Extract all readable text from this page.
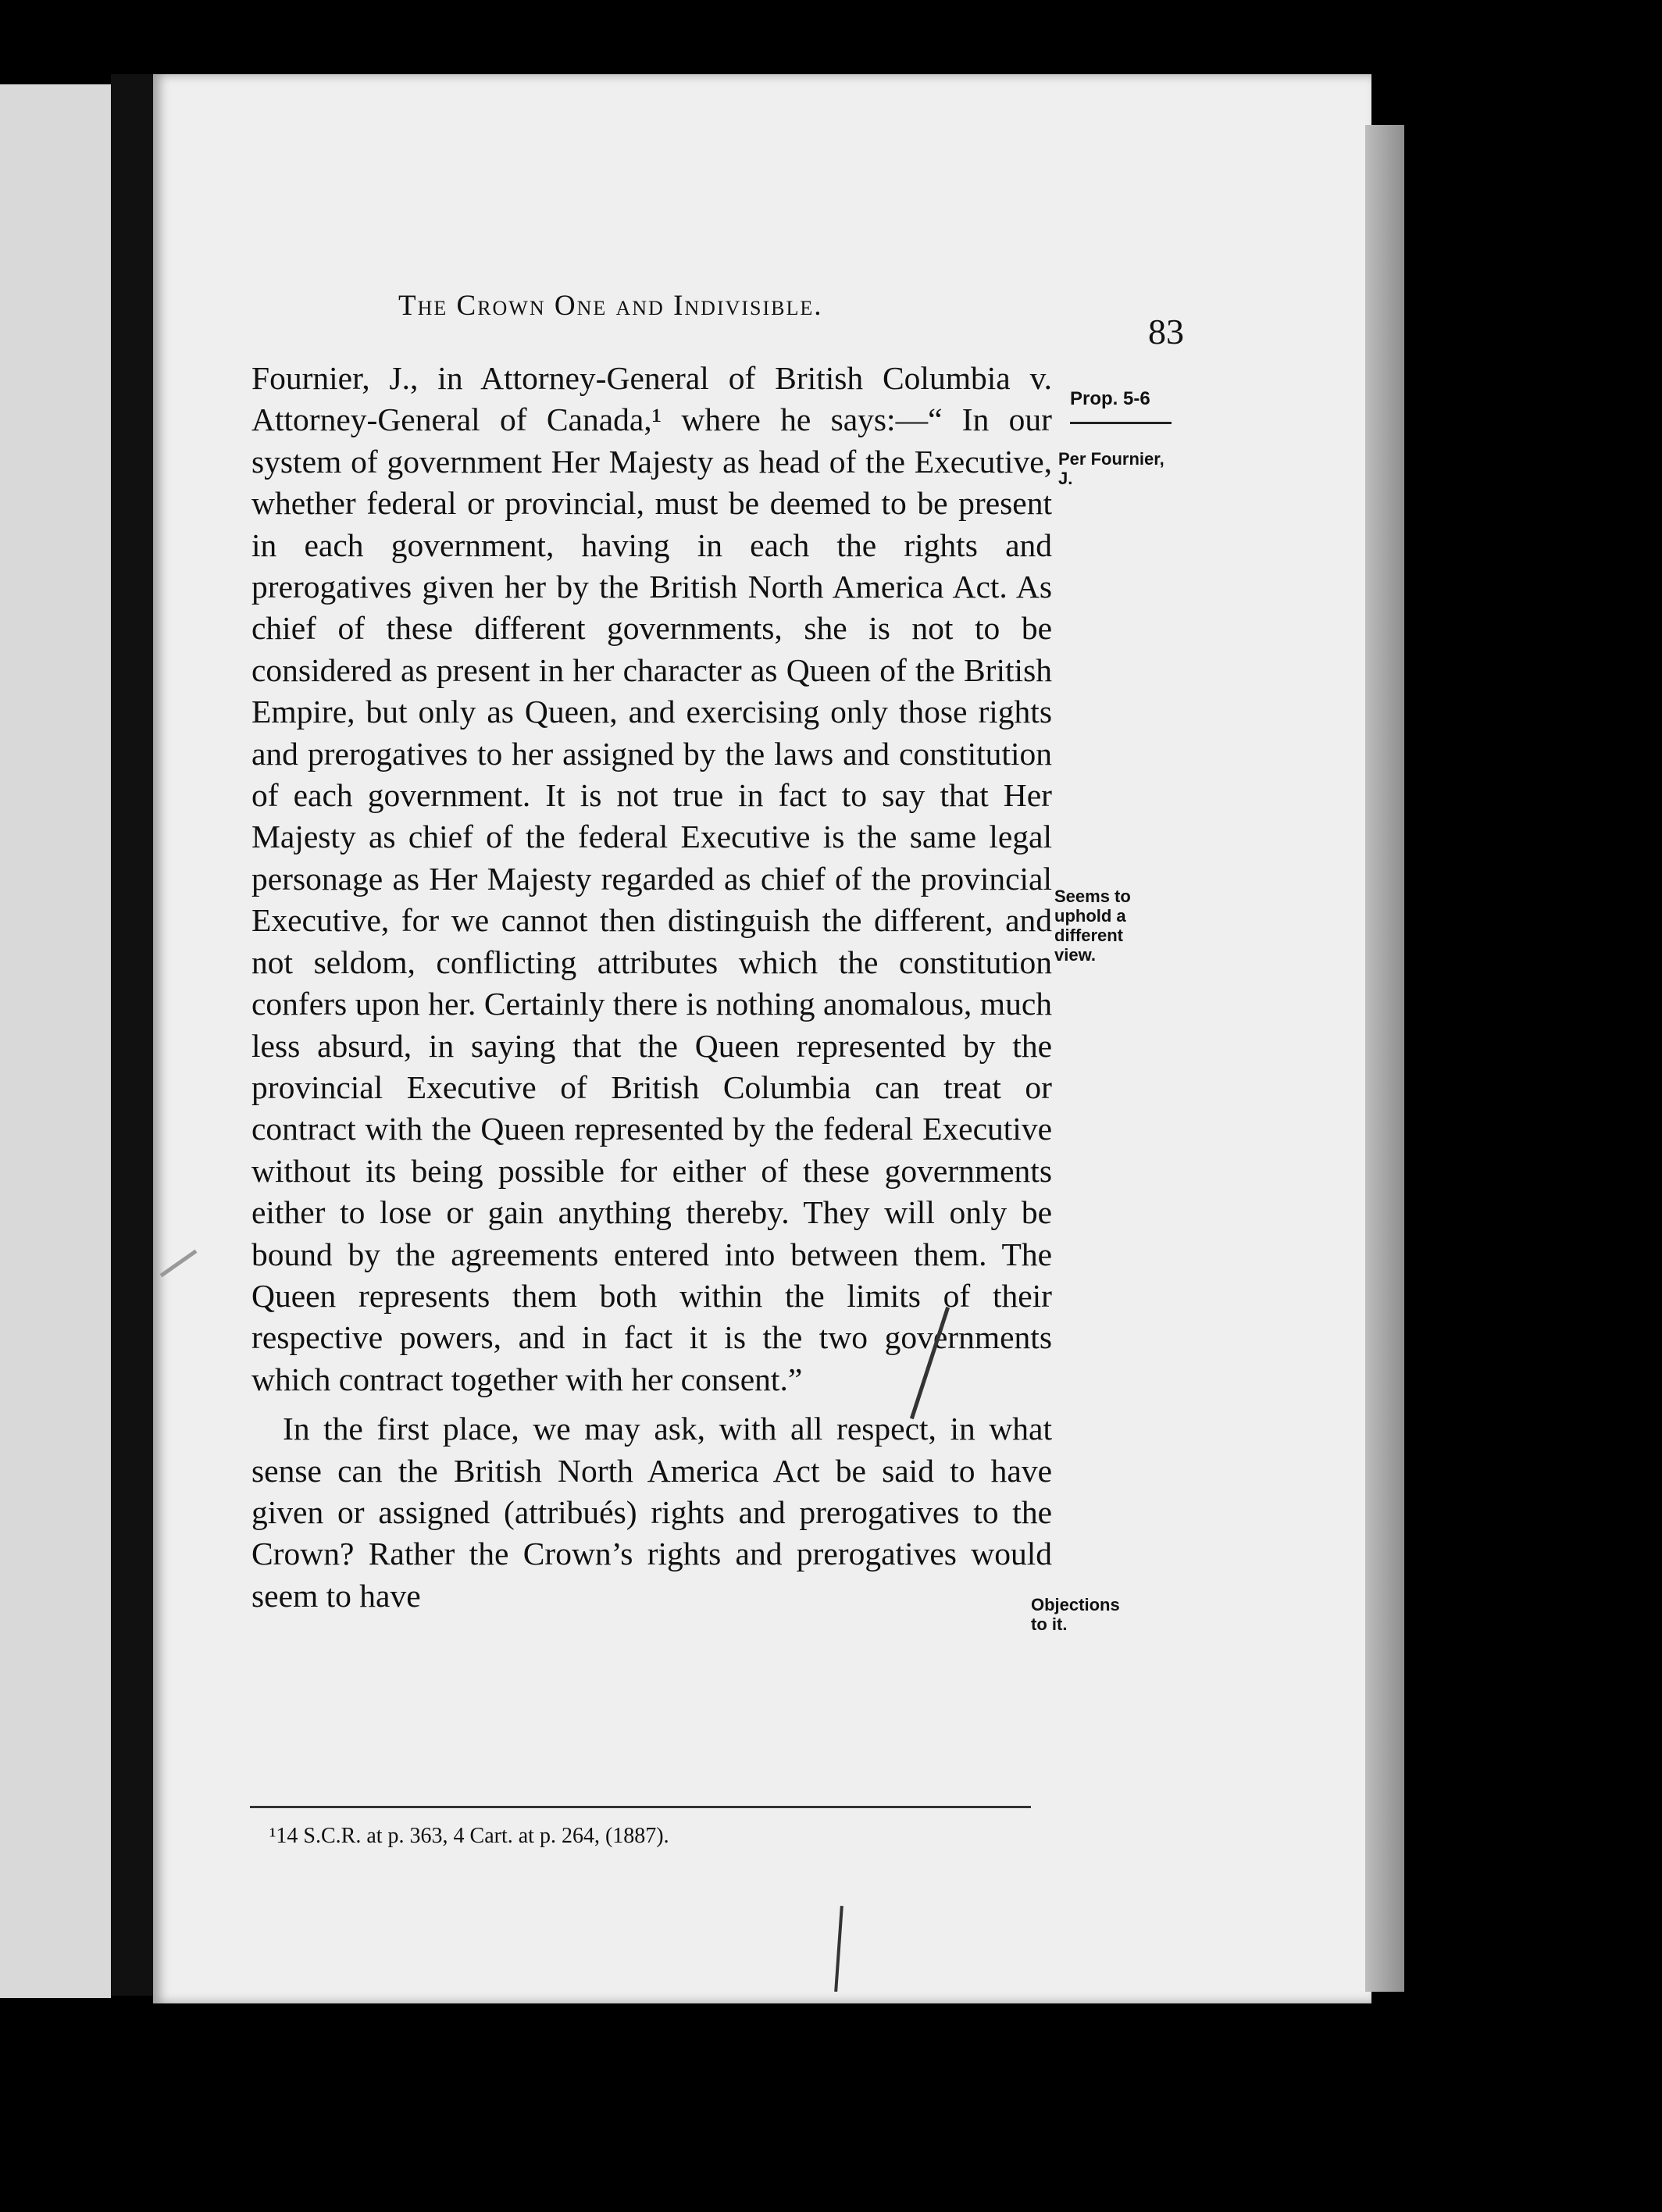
The Crown One and Indivisible.
83
Prop. 5-6
Per Fournier, J.
Seems to uphold a different view.
Objections to it.

Fournier, J., in Attorney-General of British Columbia v. Attorney-General of Canada,¹ where he says:—“ In our system of government Her Majesty as head of the Executive, whether federal or provincial, must be deemed to be present in each government, having in each the rights and prerogatives given her by the British North America Act. As chief of these different governments, she is not to be considered as present in her character as Queen of the British Empire, but only as Queen, and exercising only those rights and prerogatives to her assigned by the laws and constitution of each government. It is not true in fact to say that Her Majesty as chief of the federal Executive is the same legal personage as Her Majesty regarded as chief of the provincial Executive, for we cannot then distinguish the different, and not seldom, conflicting attributes which the constitution confers upon her. Certainly there is nothing anomalous, much less absurd, in saying that the Queen represented by the provincial Executive of British Columbia can treat or contract with the Queen represented by the federal Executive without its being possible for either of these governments either to lose or gain anything thereby. They will only be bound by the agreements entered into between them. The Queen represents them both within the limits of their respective powers, and in fact it is the two governments which contract together with her consent.”

In the first place, we may ask, with all respect, in what sense can the British North America Act be said to have given or assigned (attribués) rights and prerogatives to the Crown? Rather the Crown’s rights and prerogatives would seem to have

¹14 S.C.R. at p. 363, 4 Cart. at p. 264, (1887).
